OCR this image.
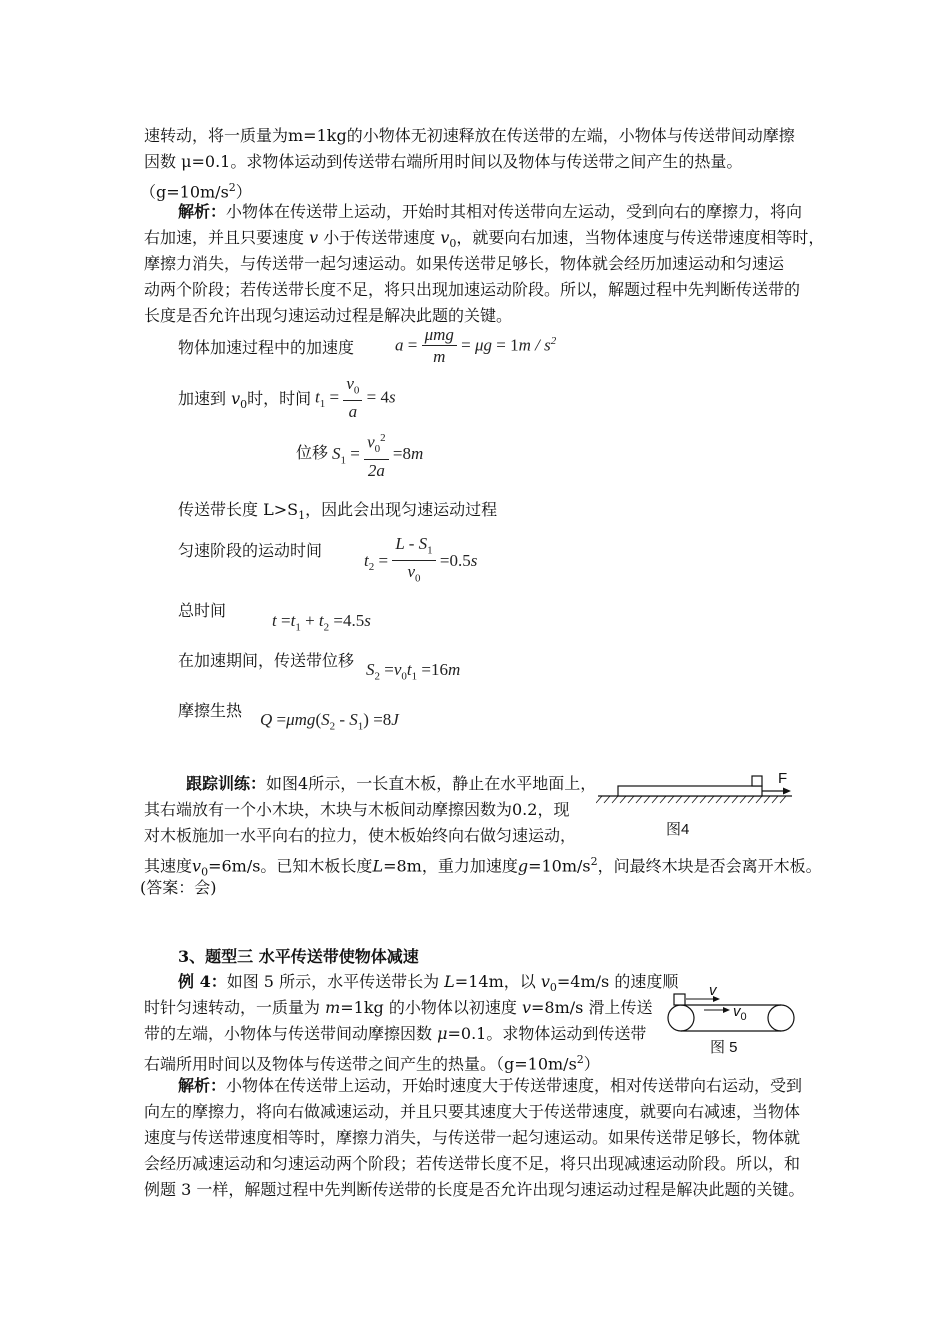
速转动，将一质量为m=1kg的小物体无初速释放在传送带的左端，小物体与传送带间动摩擦
因数 μ=0.1。求物体运动到传送带右端所用时间以及物体与传送带之间产生的热量。
$(g=10m/s^2)$
解析：小物体在传送带上运动，开始时其相对传送带向左运动，受到向右的摩擦力，将向
右加速，并且只要速度 v 小于传送带速度 $v_0$，就要向右加速，当物体速度与传送带速度相等时，
摩擦力消失，与传送带一起匀速运动。如果传送带足够长，物体就会经历加速运动和匀速运
动两个阶段；若传送带长度不足，将只出现加速运动阶段。所以，解题过程中先判断传送带的
长度是否允许出现匀速运动过程是解决此题的关键。
物体加速过程中的加速度 $a = \frac{\text{μmg}}{m} = \mu g = 1m / s^2$
加速到 $v_0$时，时间 $t_1 = \frac{v_0}{a} = 4s$
位移 $S_1 = \frac{v_0^2}{2a} =8m$
传送带长度 $L>S_1$，因此会出现匀速运动过程
匀速阶段的运动时间
$t_2 = \frac{L - S_1}{v_0} =0.5s$
总时间
$t =t_1 + t_2 =4.5s$
在加速期间，传送带位移 $S_2 =v_0t_1 =16m$
摩擦生热 $Q =\mu mg(S_2 - S_1) =8J$
跟踪训练：如图4所示，一长直木板，静止在水平地面上，
其右端放有一个小木块，木块与木板间动摩擦因数为0.2，现
对木板施加一水平向右的拉力，使木板始终向右做匀速运动，
其速度$v_0=6m/s$。已知木板长度L=8m，重力加速度$g=10m/s^2$，问最终木块是否会离开木板。
(答案：会)
F
图4
3、题型三 水平传送带使物体减速
例 4：如图 5 所示，水平传送带长为 L=14m，以 $v_0=4m/s$ 的速度顺
时针匀速转动，一质量为 m=1kg 的小物体以初速度 v=8m/s 滑上传送
带的左端，小物体与传送带间动摩擦因数 μ=0.1。求物体运动到传送带
右端所用时间以及物体与传送带之间产生的热量。$(g=10m/s^2)$
v
$v_0$
图 5
解析：小物体在传送带上运动，开始时速度大于传送带速度，相对传送带向右运动，受到
向左的摩擦力，将向右做减速运动，并且只要其速度大于传送带速度，就要向右减速，当物体
速度与传送带速度相等时，摩擦力消失，与传送带一起匀速运动。如果传送带足够长，物体就
会经历减速运动和匀速运动两个阶段；若传送带长度不足，将只出现减速运动阶段。所以，和
例题 3 一样，解题过程中先判断传送带的长度是否允许出现匀速运动过程是解决此题的关键。
